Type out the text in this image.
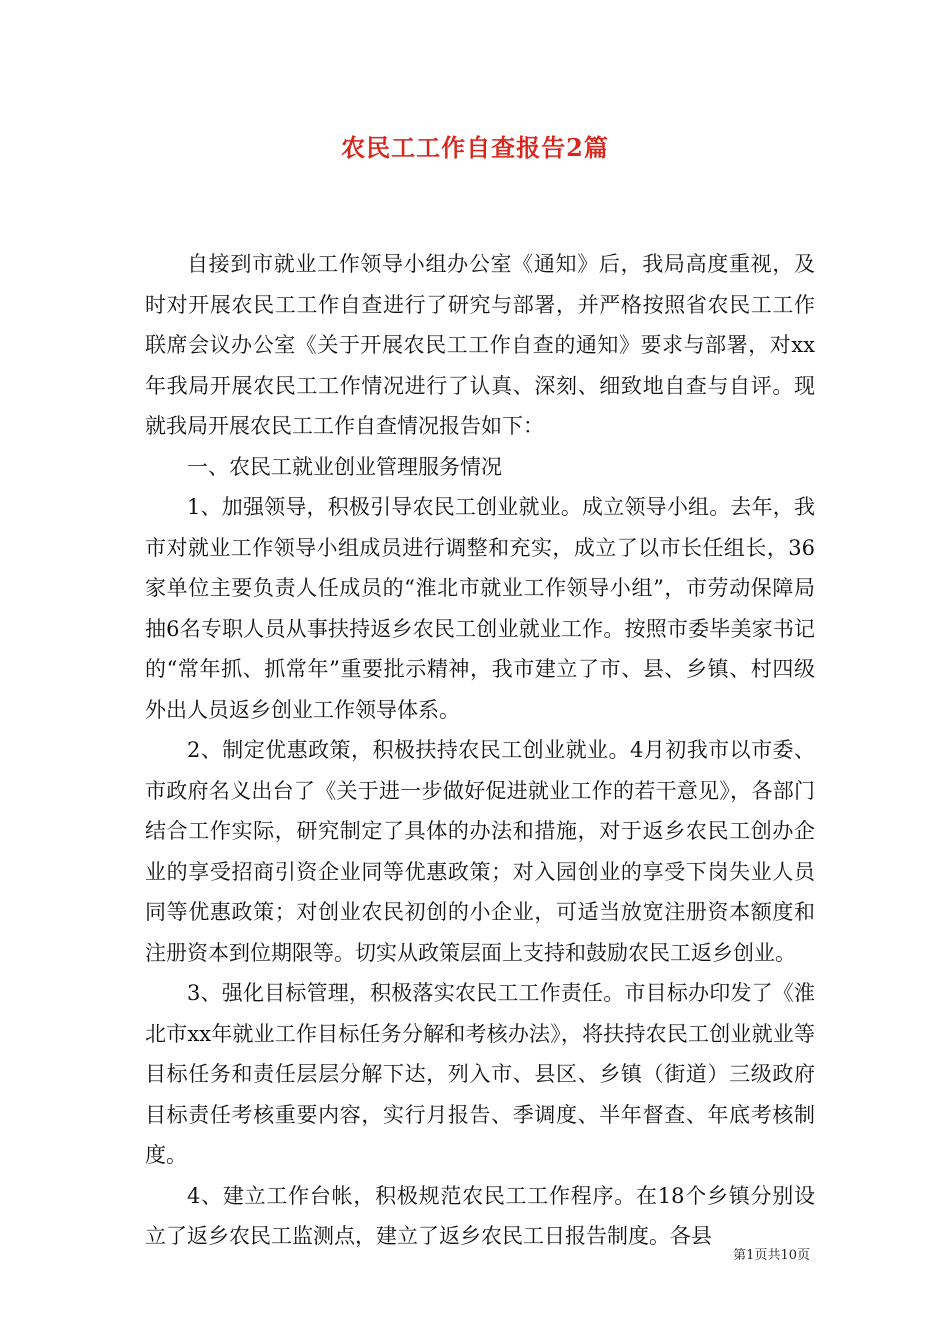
农民工工作自查报告2篇

自接到市就业工作领导小组办公室《通知》后，我局高度重视，及时对开展农民工工作自查进行了研究与部署，并严格按照省农民工工作联席会议办公室《关于开展农民工工作自查的通知》要求与部署，对xx年我局开展农民工工作情况进行了认真、深刻、细致地自查与自评。现就我局开展农民工工作自查情况报告如下：

一、农民工就业创业管理服务情况

1、加强领导，积极引导农民工创业就业。成立领导小组。去年，我市对就业工作领导小组成员进行调整和充实，成立了以市长任组长，36家单位主要负责人任成员的“淮北市就业工作领导小组”，市劳动保障局抽6名专职人员从事扶持返乡农民工创业就业工作。按照市委毕美家书记的“常年抓、抓常年”重要批示精神，我市建立了市、县、乡镇、村四级外出人员返乡创业工作领导体系。

2、制定优惠政策，积极扶持农民工创业就业。4月初我市以市委、市政府名义出台了《关于进一步做好促进就业工作的若干意见》，各部门结合工作实际，研究制定了具体的办法和措施，对于返乡农民工创办企业的享受招商引资企业同等优惠政策；对入园创业的享受下岗失业人员同等优惠政策；对创业农民初创的小企业，可适当放宽注册资本额度和注册资本到位期限等。切实从政策层面上支持和鼓励农民工返乡创业。

3、强化目标管理，积极落实农民工工作责任。市目标办印发了《淮北市xx年就业工作目标任务分解和考核办法》，将扶持农民工创业就业等目标任务和责任层层分解下达，列入市、县区、乡镇（街道）三级政府目标责任考核重要内容，实行月报告、季调度、半年督查、年底考核制度。

4、建立工作台帐，积极规范农民工工作程序。在18个乡镇分别设立了返乡农民工监测点，建立了返乡农民工日报告制度。各县

第1页共10页
